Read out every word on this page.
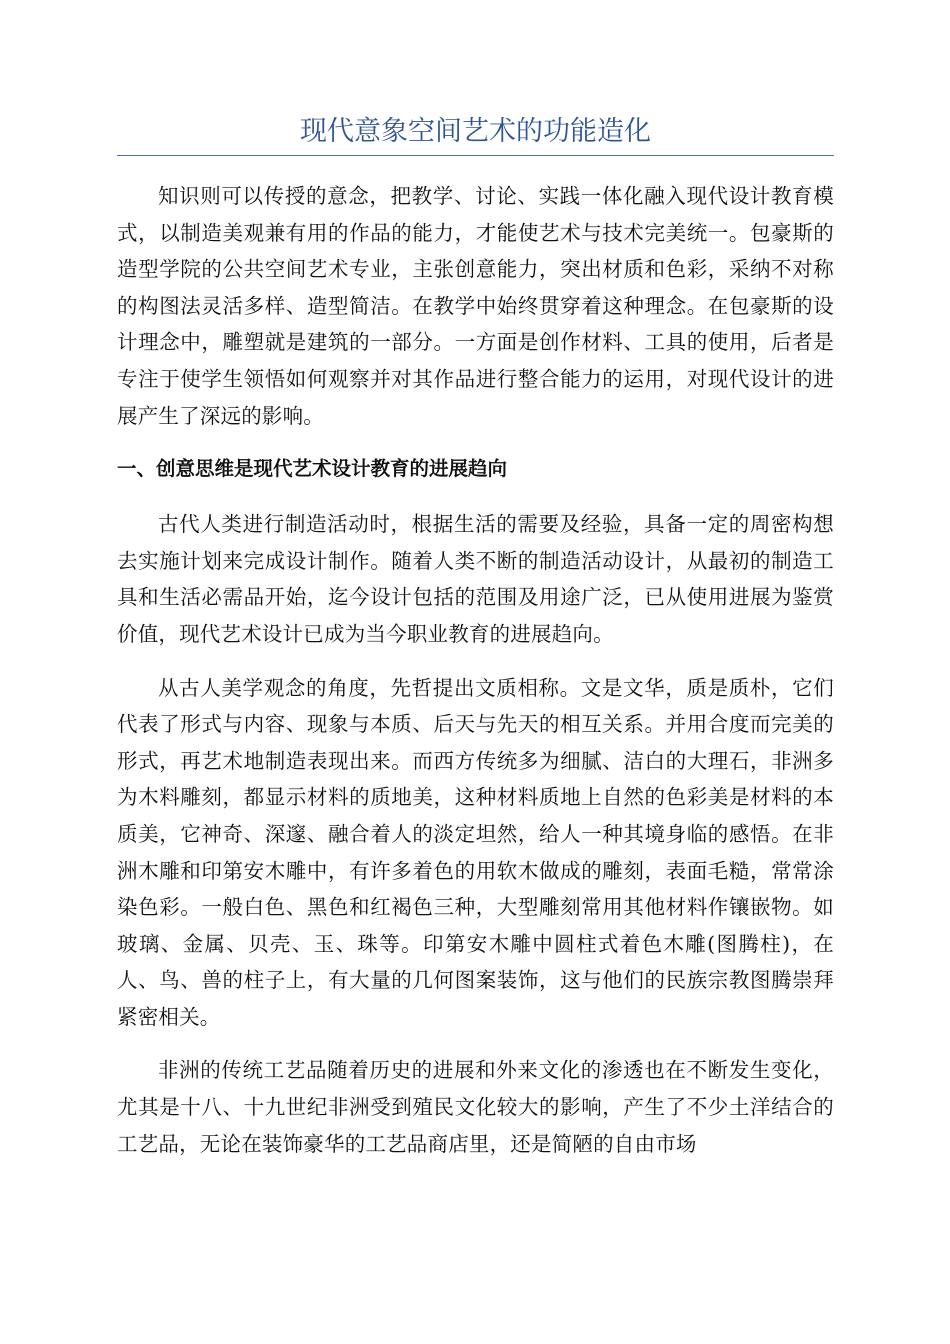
现代意象空间艺术的功能造化

知识则可以传授的意念，把教学、讨论、实践一体化融入现代设计教育模式，以制造美观兼有用的作品的能力，才能使艺术与技术完美统一。包豪斯的造型学院的公共空间艺术专业，主张创意能力，突出材质和色彩，采纳不对称的构图法灵活多样、造型简洁。在教学中始终贯穿着这种理念。在包豪斯的设计理念中，雕塑就是建筑的一部分。一方面是创作材料、工具的使用，后者是专注于使学生领悟如何观察并对其作品进行整合能力的运用，对现代设计的进展产生了深远的影响。

一、创意思维是现代艺术设计教育的进展趋向

古代人类进行制造活动时，根据生活的需要及经验，具备一定的周密构想去实施计划来完成设计制作。随着人类不断的制造活动设计，从最初的制造工具和生活必需品开始，迄今设计包括的范围及用途广泛，已从使用进展为鉴赏价值，现代艺术设计已成为当今职业教育的进展趋向。

从古人美学观念的角度，先哲提出文质相称。文是文华，质是质朴，它们代表了形式与内容、现象与本质、后天与先天的相互关系。并用合度而完美的形式，再艺术地制造表现出来。而西方传统多为细腻、洁白的大理石，非洲多为木料雕刻，都显示材料的质地美，这种材料质地上自然的色彩美是材料的本质美，它神奇、深邃、融合着人的淡定坦然，给人一种其境身临的感悟。在非洲木雕和印第安木雕中，有许多着色的用软木做成的雕刻，表面毛糙，常常涂染色彩。一般白色、黑色和红褐色三种，大型雕刻常用其他材料作镶嵌物。如玻璃、金属、贝壳、玉、珠等。印第安木雕中圆柱式着色木雕(图腾柱)，在人、鸟、兽的柱子上，有大量的几何图案装饰，这与他们的民族宗教图腾崇拜紧密相关。

非洲的传统工艺品随着历史的进展和外来文化的渗透也在不断发生变化，尤其是十八、十九世纪非洲受到殖民文化较大的影响，产生了不少土洋结合的工艺品，无论在装饰豪华的工艺品商店里，还是简陋的自由市场
